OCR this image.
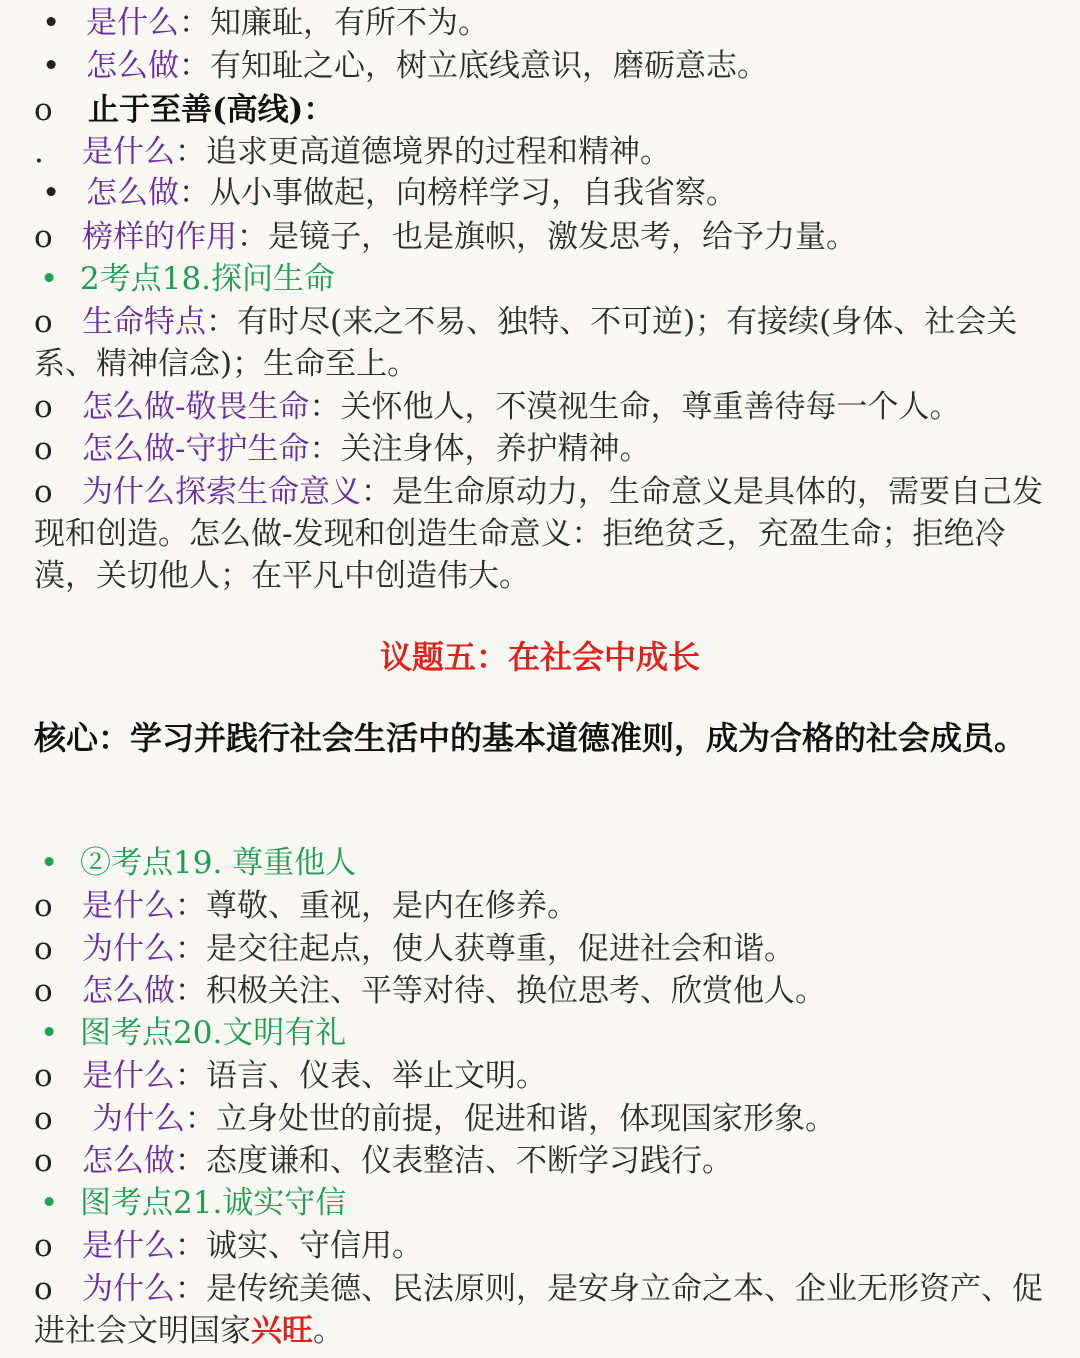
• 是什么：知廉耻，有所不为。
• 怎么做：有知耻之心，树立底线意识，磨砺意志。
o 止于至善(高线)：
. 是什么：追求更高道德境界的过程和精神。
• 怎么做：从小事做起，向榜样学习，自我省察。
o 榜样的作用：是镜子，也是旗帜，激发思考，给予力量。
• 2考点18.探问生命
o 生命特点：有时尽(来之不易、独特、不可逆)；有接续(身体、社会关系、精神信念)；生命至上。
o 怎么做-敬畏生命：关怀他人，不漠视生命，尊重善待每一个人。
o 怎么做-守护生命：关注身体，养护精神。
o 为什么探索生命意义：是生命原动力，生命意义是具体的，需要自己发现和创造。怎么做-发现和创造生命意义：拒绝贫乏，充盈生命；拒绝冷漠，关切他人；在平凡中创造伟大。
议题五：在社会中成长
核心：学习并践行社会生活中的基本道德准则，成为合格的社会成员。
• ②考点19. 尊重他人
o 是什么：尊敬、重视，是内在修养。
o 为什么：是交往起点，使人获尊重，促进社会和谐。
o 怎么做：积极关注、平等对待、换位思考、欣赏他人。
• 图考点20.文明有礼
o 是什么：语言、仪表、举止文明。
o 为什么：立身处世的前提，促进和谐，体现国家形象。
o 怎么做：态度谦和、仪表整洁、不断学习践行。
• 图考点21.诚实守信
o 是什么：诚实、守信用。
o 为什么：是传统美德、民法原则，是安身立命之本、企业无形资产、促进社会文明国家兴旺。
